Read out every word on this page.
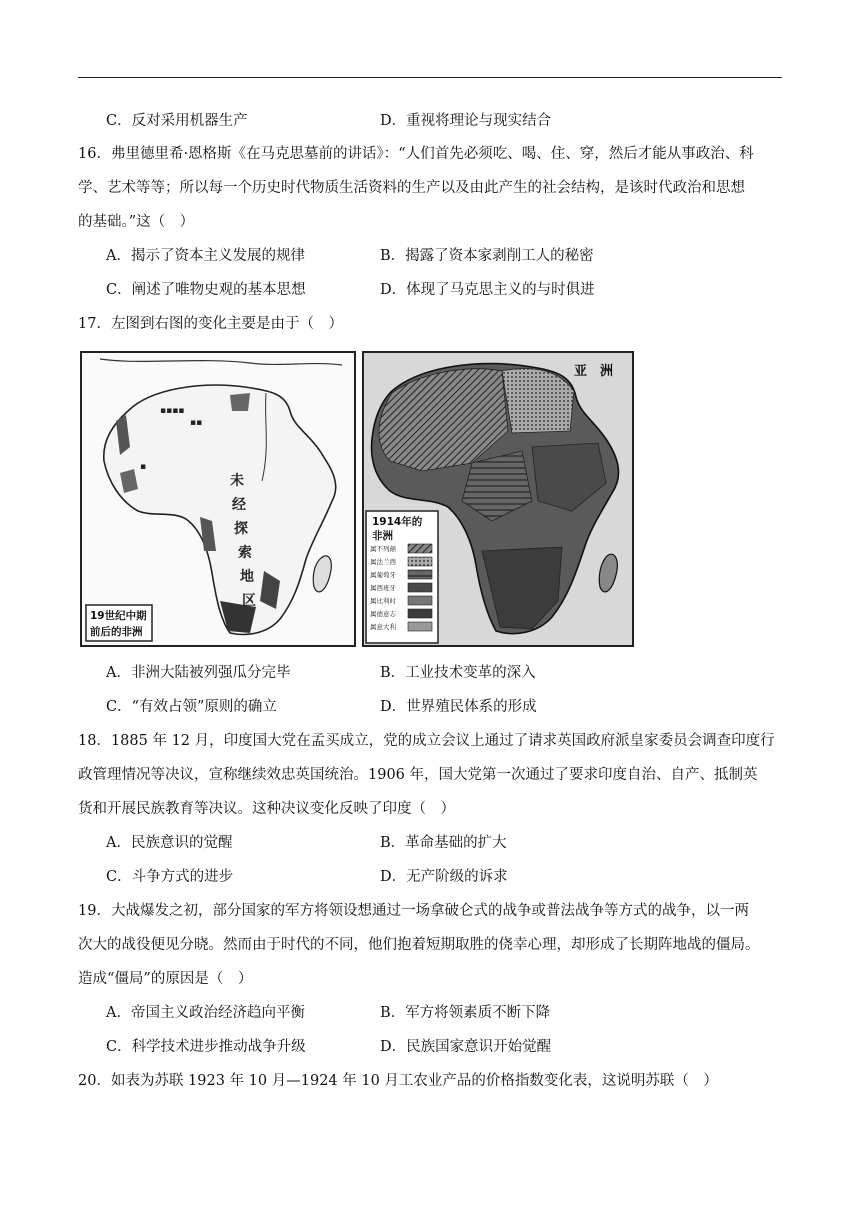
C．反对采用机器生产	D．重视将理论与现实结合
16．弗里德里希·恩格斯《在马克思墓前的讲话》：“人们首先必须吃、喝、住、穿，然后才能从事政治、科
学、艺术等等；所以每一个历史时代物质生活资料的生产以及由此产生的社会结构，是该时代政治和思想
的基础。”这（　）
A．揭示了资本主义发展的规律	B．揭露了资本家剥削工人的秘密
C．阐述了唯物史观的基本思想	D．体现了马克思主义的与时俱进
17．左图到右图的变化主要是由于（　）
▪▪▪▪
▪▪
▪
未
经
探
索
地
区
19世纪中期
前后的非洲
亚　洲
1914年的
非洲
属不列颠
属法兰西
属葡萄牙
属西班牙
属比利时
属德意志
属意大利
A．非洲大陆被列强瓜分完毕	B．工业技术变革的深入
C．“有效占领”原则的确立	D．世界殖民体系的形成
18．1885 年 12 月，印度国大党在孟买成立，党的成立会议上通过了请求英国政府派皇家委员会调查印度行
政管理情况等决议，宣称继续效忠英国统治。1906 年，国大党第一次通过了要求印度自治、自产、抵制英
货和开展民族教育等决议。这种决议变化反映了印度（　）
A．民族意识的觉醒	B．革命基础的扩大
C．斗争方式的进步	D．无产阶级的诉求
19．大战爆发之初，部分国家的军方将领设想通过一场拿破仑式的战争或普法战争等方式的战争，以一两
次大的战役便见分晓。然而由于时代的不同，他们抱着短期取胜的侥幸心理，却形成了长期阵地战的僵局。
造成“僵局”的原因是（　）
A．帝国主义政治经济趋向平衡	B．军方将领素质不断下降
C．科学技术进步推动战争升级	D．民族国家意识开始觉醒
20．如表为苏联 1923 年 10 月—1924 年 10 月工农业产品的价格指数变化表，这说明苏联（　）
